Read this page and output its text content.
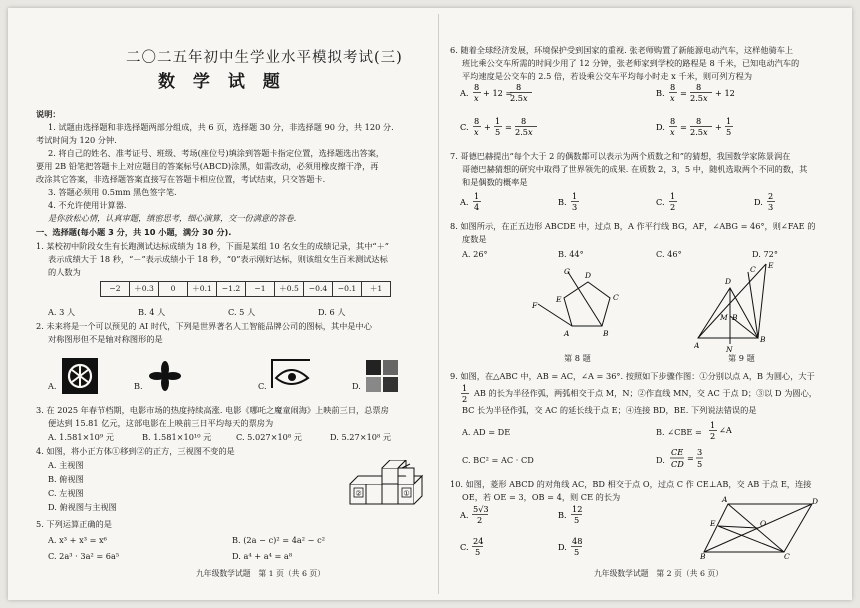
二〇二五年初中生学业水平模拟考试(三)
数 学 试 题
说明：
1. 试题由选择题和非选择题两部分组成，共 6 页，选择题 30 分，非选择题 90 分，共 120 分.
考试时间为 120 分钟.
2. 将自己的姓名、准考证号、班级、考场(座位号)填涂到答题卡指定位置，选择题选出答案，
要用 2B 铅笔把答题卡上对应题目的答案标号(ABCD)涂黑，如需改动，必须用橡皮擦干净，再
改涂其它答案，非选择题答案直接写在答题卡相应位置，考试结束，只交答题卡.
3. 答题必须用 0.5mm 黑色签字笔.
4. 不允许使用计算器.
是你放松心情，认真审题，缜密思考，细心演算，交一份满意的答卷.
一、选择题(每小题 3 分，共 10 小题，满分 30 分).
1. 某校初中阶段女生有长跑测试达标成绩为 18 秒，下面是某组 10 名女生的成绩记录，其中“＋”
表示成绩大于 18 秒，“－”表示成绩小于 18 秒，“0”表示刚好达标，则该组女生百米测试达标
的人数为
−2	＋0.3	0	＋0.1	−1.2	−1	＋0.5	−0.4	−0.1	＋1
A. 3 人	B. 4 人	C. 5 人	D. 6 人
2. 未来将是一个可以预见的 AI 时代，下列是世界著名人工智能品牌公司的图标，其中是中心
对称图形但不是轴对称图形的是
A.	B.	C.	D.
3. 在 2025 年春节档期，电影市场的热度持续高涨. 电影《哪吒之魔童闹海》上映前三日，总票房
便达到 15.81 亿元，这部电影在上映前三日平均每天的票房为
A. 1.581×10⁹ 元	B. 1.581×10¹⁰ 元	C. 5.027×10⁸ 元	D. 5.27×10⁸ 元
4. 如图，将小正方体①移到②的正方，三视图不变的是
A. 主视图
B. 俯视图
C. 左视图
D. 俯视图与主视图
②	①
5. 下列运算正确的是
A. x³ + x³ = x⁶	B. (2a − c)² = 4a² − c²
C. 2a³ · 3a² = 6a⁵	D. a⁴ + a⁴ = a⁸
九年级数学试题　第 1 页（共 6 页）
6. 随着全球经济发展，环境保护受到国家的重视. 张老师购置了新能源电动汽车，这样他骑车上
班比乘公交车所需的时间少用了 12 分钟，张老师家到学校的路程是 8 千米，已知电动汽车的
平均速度是公交车的 2.5 倍，若设乘公交车平均每小时走 x 千米，则可列方程为
A.
8
x + 12 =
8
2.5x	B.
8
x =
8
2.5x + 12
C.
8
x +
1
5 =
8
2.5x	D.
8
x =
8
2.5x +
1
5
7. 哥德巴赫提出“每个大于 2 的偶数都可以表示为两个质数之和”的猜想，我国数学家陈景润在
哥德巴赫猜想的研究中取得了世界领先的成果. 在质数 2，3，5 中，随机选取两个不同的数，其
和是偶数的概率是
A.
1
4	B.
1
3	C.
1
2	D.
2
3
8. 如图所示，在正五边形 ABCDE 中，过点 B，A 作平行线 BG，AF，∠ABG = 46°，则∠FAE 的
度数是
A. 26°	B. 44°	C. 46°	D. 72°
D
C
B
A
E
F
G
第 8 题
A
D
M B
B
N
E
C
第 9 题
9. 如图，在△ABC 中，AB = AC，∠A = 36°. 按照如下步骤作图：①分别以点 A，B 为圆心，大于
1
2
AB 的长为半径作弧，两弧相交于点 M，N；②作直线 MN，交 AC 于点 D；③以 D 为圆心，
BC 长为半径作弧，交 AC 的延长线于点 E；④连接 BD，BE. 下列说法错误的是
A. AD = DE	B. ∠CBE =
1
2
∠A
C. BC² = AC · CD	D.
CE
CD
=
3
5
10. 如图，菱形 ABCD 的对角线 AC，BD 相交于点 O，过点 C 作 CE⊥AB，交 AB 于点 E，连接
OE，若 OE = 3，OB = 4，则 CE 的长为
A.
5√3
2	B.
12
5
C.
24
5	D.
48
5
A	D
E	O
B	C
九年级数学试题　第 2 页（共 6 页）
